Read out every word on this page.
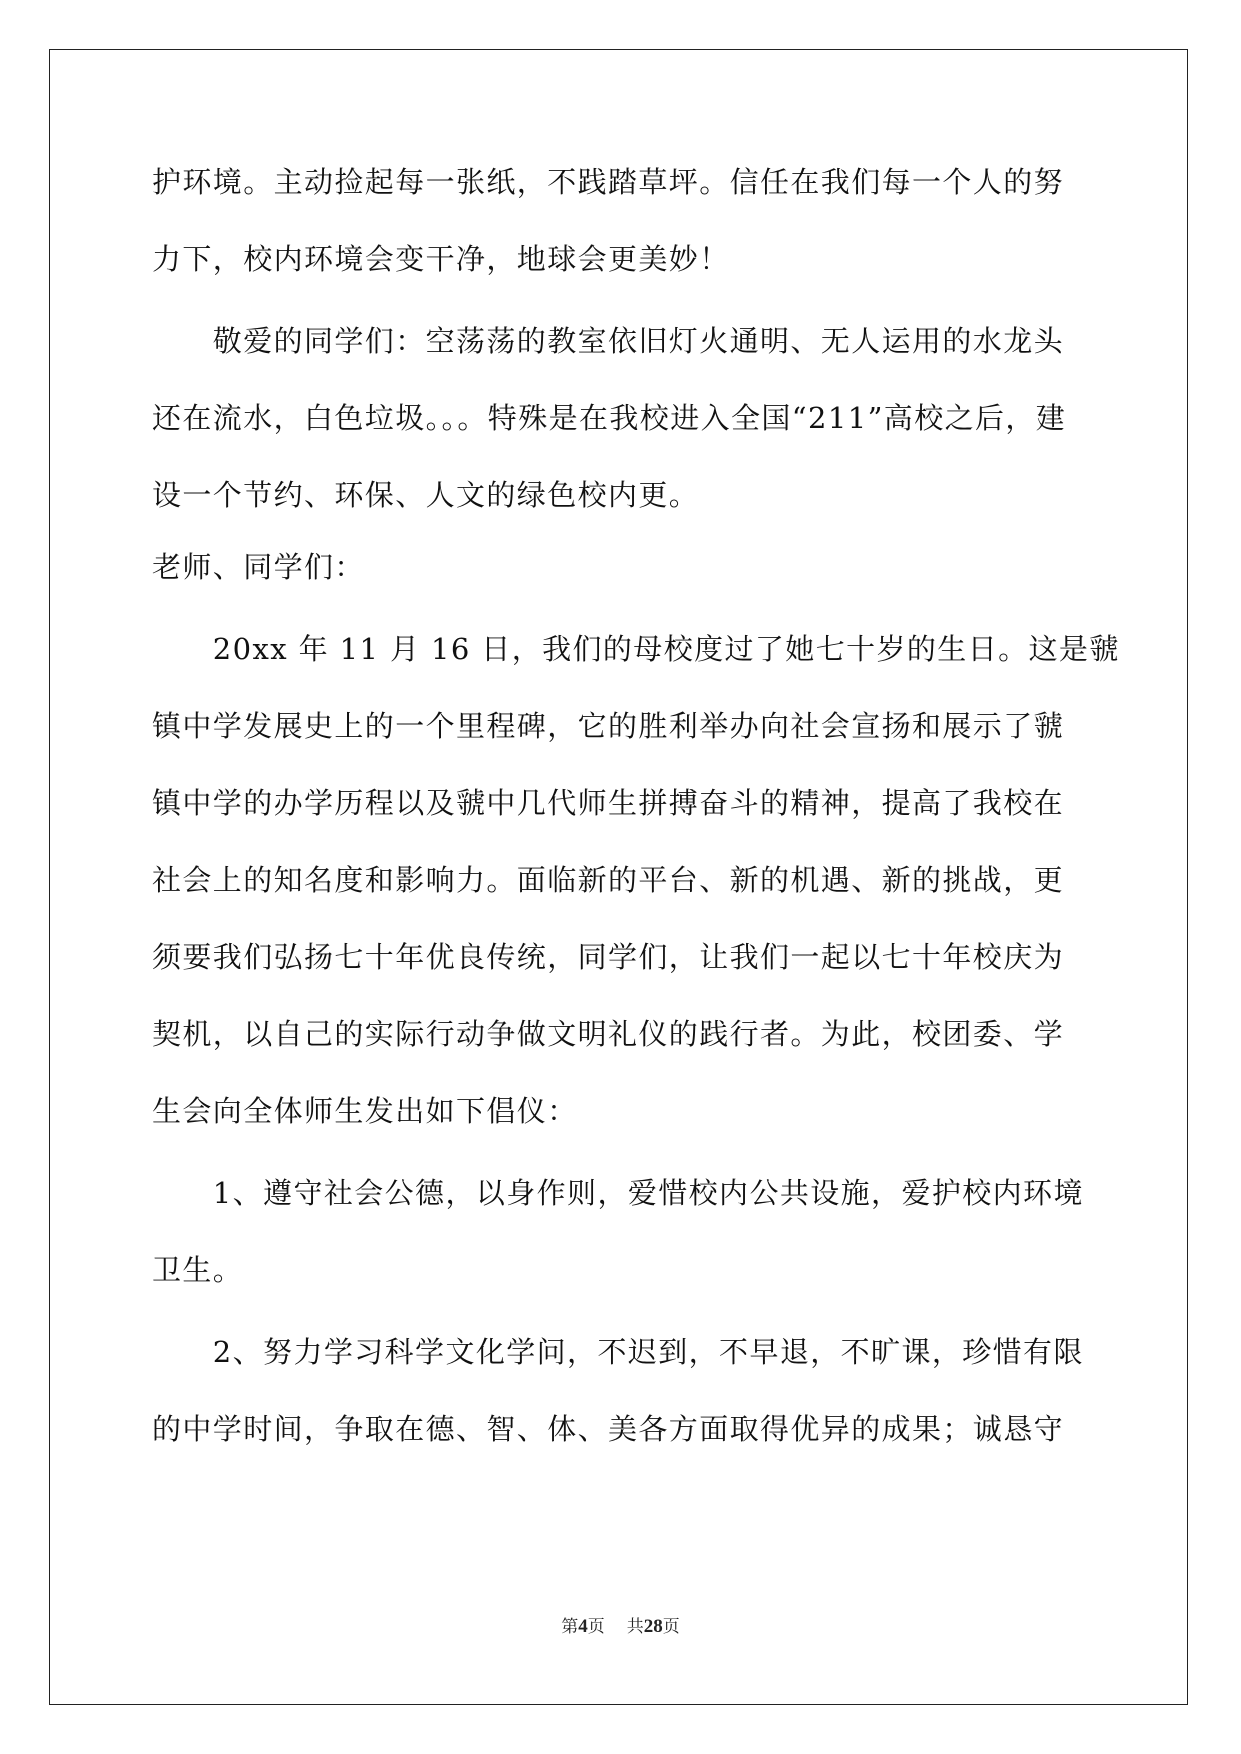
护环境。主动捡起每一张纸，不践踏草坪。信任在我们每一个人的努
力下，校内环境会变干净，地球会更美妙！
　　敬爱的同学们：空荡荡的教室依旧灯火通明、无人运用的水龙头
还在流水，白色垃圾。。。特殊是在我校进入全国“211”高校之后，建
设一个节约、环保、人文的绿色校内更。
老师、同学们：
　　20xx 年 11 月 16 日，我们的母校度过了她七十岁的生日。这是虢
镇中学发展史上的一个里程碑，它的胜利举办向社会宣扬和展示了虢
镇中学的办学历程以及虢中几代师生拼搏奋斗的精神，提高了我校在
社会上的知名度和影响力。面临新的平台、新的机遇、新的挑战，更
须要我们弘扬七十年优良传统，同学们，让我们一起以七十年校庆为
契机，以自己的实际行动争做文明礼仪的践行者。为此，校团委、学
生会向全体师生发出如下倡仪：
　　1、遵守社会公德，以身作则，爱惜校内公共设施，爱护校内环境
卫生。
　　2、努力学习科学文化学问，不迟到，不早退，不旷课，珍惜有限
的中学时间，争取在德、智、体、美各方面取得优异的成果；诚恳守
第4页 共28页
